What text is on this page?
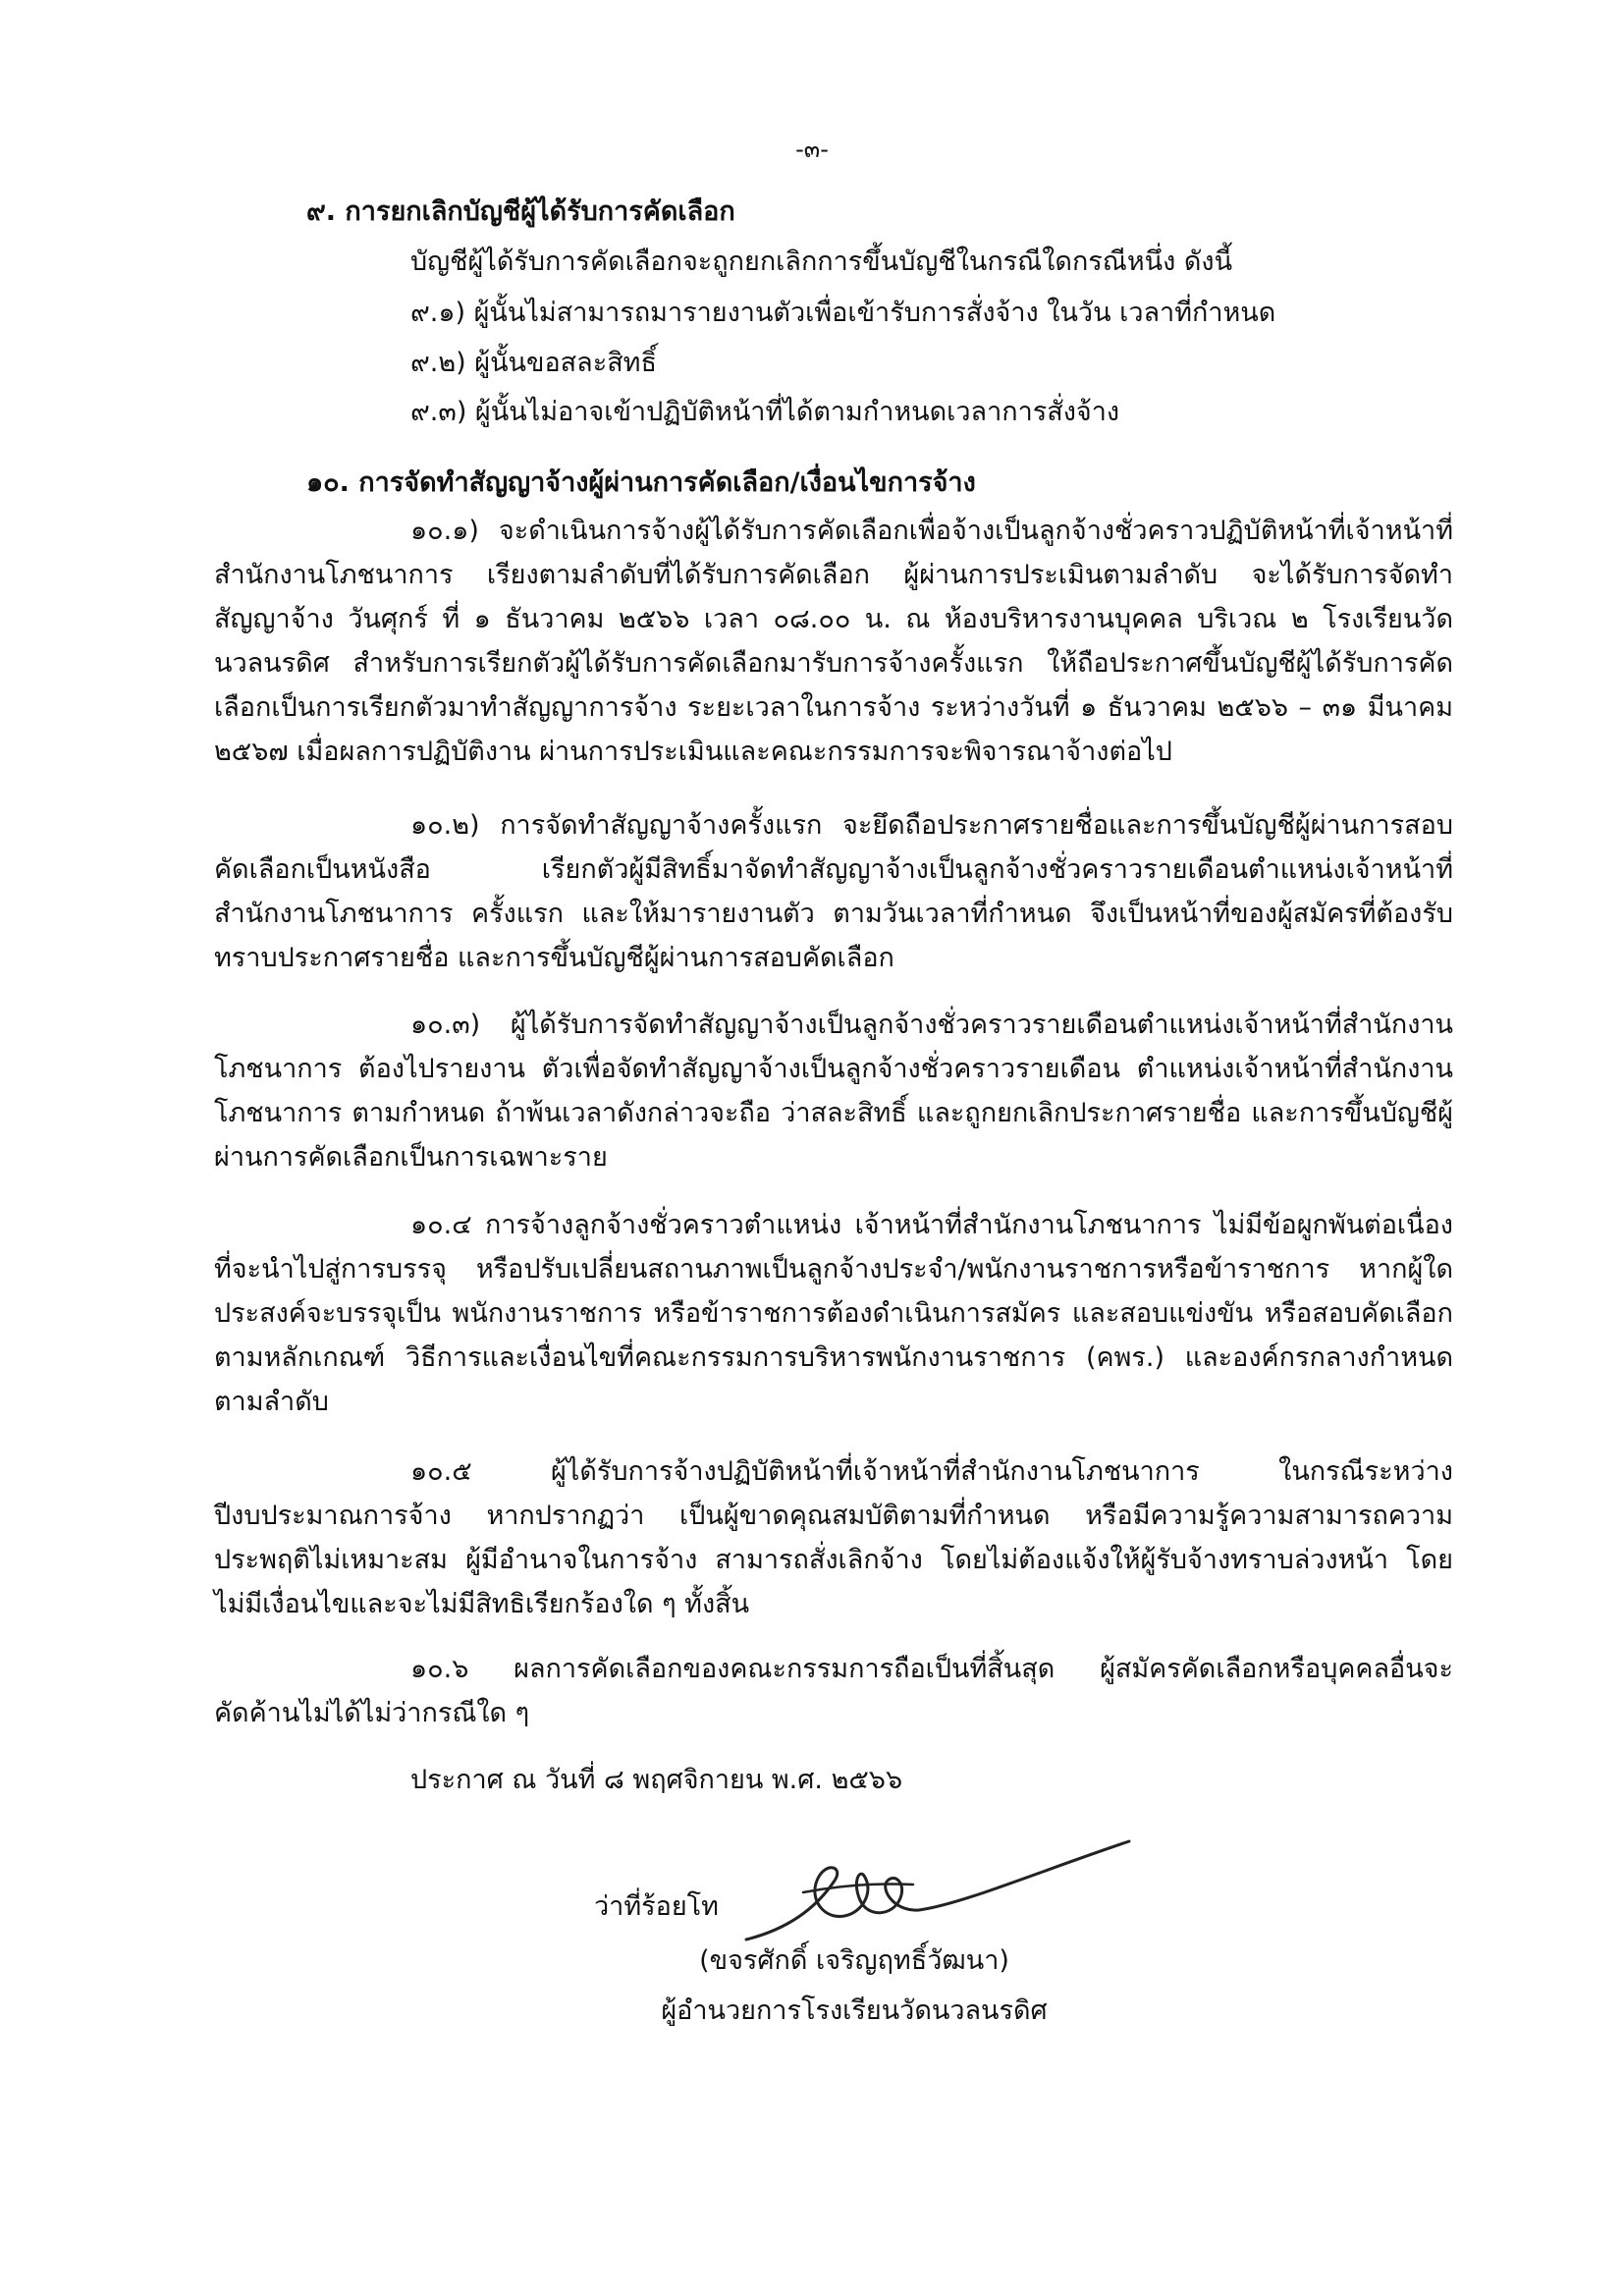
-๓-
๙. การยกเลิกบัญชีผู้ได้รับการคัดเลือก
บัญชีผู้ได้รับการคัดเลือกจะถูกยกเลิกการขึ้นบัญชีในกรณีใดกรณีหนึ่ง ดังนี้
๙.๑) ผู้นั้นไม่สามารถมารายงานตัวเพื่อเข้ารับการสั่งจ้าง ในวัน เวลาที่กำหนด
๙.๒) ผู้นั้นขอสละสิทธิ์
๙.๓) ผู้นั้นไม่อาจเข้าปฏิบัติหน้าที่ได้ตามกำหนดเวลาการสั่งจ้าง
๑๐. การจัดทำสัญญาจ้างผู้ผ่านการคัดเลือก/เงื่อนไขการจ้าง
๑๐.๑) จะดำเนินการจ้างผู้ได้รับการคัดเลือกเพื่อจ้างเป็นลูกจ้างชั่วคราวปฏิบัติหน้าที่เจ้าหน้าที่สำนักงานโภชนาการ เรียงตามลำดับที่ได้รับการคัดเลือก ผู้ผ่านการประเมินตามลำดับ จะได้รับการจัดทำสัญญาจ้าง วันศุกร์ ที่ ๑ ธันวาคม ๒๕๖๖ เวลา ๐๘.๐๐ น. ณ ห้องบริหารงานบุคคล บริเวณ ๒ โรงเรียนวัดนวลนรดิศ สำหรับการเรียกตัวผู้ได้รับการคัดเลือกมารับการจ้างครั้งแรก ให้ถือประกาศขึ้นบัญชีผู้ได้รับการคัดเลือกเป็นการเรียกตัวมาทำสัญญาการจ้าง ระยะเวลาในการจ้าง ระหว่างวันที่ ๑ ธันวาคม ๒๕๖๖ – ๓๑ มีนาคม ๒๕๖๗ เมื่อผลการปฏิบัติงาน ผ่านการประเมินและคณะกรรมการจะพิจารณาจ้างต่อไป
๑๐.๒) การจัดทำสัญญาจ้างครั้งแรก จะยึดถือประกาศรายชื่อและการขึ้นบัญชีผู้ผ่านการสอบคัดเลือกเป็นหนังสือ เรียกตัวผู้มีสิทธิ์มาจัดทำสัญญาจ้างเป็นลูกจ้างชั่วคราวรายเดือนตำแหน่งเจ้าหน้าที่สำนักงานโภชนาการ ครั้งแรก และให้มารายงานตัว ตามวันเวลาที่กำหนด จึงเป็นหน้าที่ของผู้สมัครที่ต้องรับทราบประกาศรายชื่อ และการขึ้นบัญชีผู้ผ่านการสอบคัดเลือก
๑๐.๓) ผู้ได้รับการจัดทำสัญญาจ้างเป็นลูกจ้างชั่วคราวรายเดือนตำแหน่งเจ้าหน้าที่สำนักงานโภชนาการ ต้องไปรายงาน ตัวเพื่อจัดทำสัญญาจ้างเป็นลูกจ้างชั่วคราวรายเดือน ตำแหน่งเจ้าหน้าที่สำนักงานโภชนาการ ตามกำหนด ถ้าพ้นเวลาดังกล่าวจะถือ ว่าสละสิทธิ์ และถูกยกเลิกประกาศรายชื่อ และการขึ้นบัญชีผู้ผ่านการคัดเลือกเป็นการเฉพาะราย
๑๐.๔ การจ้างลูกจ้างชั่วคราวตำแหน่ง เจ้าหน้าที่สำนักงานโภชนาการ ไม่มีข้อผูกพันต่อเนื่องที่จะนำไปสู่การบรรจุ หรือปรับเปลี่ยนสถานภาพเป็นลูกจ้างประจำ/พนักงานราชการหรือข้าราชการ หากผู้ใดประสงค์จะบรรจุเป็น พนักงานราชการ หรือข้าราชการต้องดำเนินการสมัคร และสอบแข่งขัน หรือสอบคัดเลือกตามหลักเกณฑ์ วิธีการและเงื่อนไขที่คณะกรรมการบริหารพนักงานราชการ (คพร.) และองค์กรกลางกำหนด ตามลำดับ
๑๐.๕ ผู้ได้รับการจ้างปฏิบัติหน้าที่เจ้าหน้าที่สำนักงานโภชนาการ ในกรณีระหว่างปีงบประมาณการจ้าง หากปรากฏว่า เป็นผู้ขาดคุณสมบัติตามที่กำหนด หรือมีความรู้ความสามารถความประพฤติไม่เหมาะสม ผู้มีอำนาจในการจ้าง สามารถสั่งเลิกจ้าง โดยไม่ต้องแจ้งให้ผู้รับจ้างทราบล่วงหน้า โดยไม่มีเงื่อนไขและจะไม่มีสิทธิเรียกร้องใด ๆ ทั้งสิ้น
๑๐.๖ ผลการคัดเลือกของคณะกรรมการถือเป็นที่สิ้นสุด ผู้สมัครคัดเลือกหรือบุคคลอื่นจะคัดค้านไม่ได้ไม่ว่ากรณีใด ๆ
ประกาศ ณ วันที่ ๘ พฤศจิกายน พ.ศ. ๒๕๖๖
ว่าที่ร้อยโท
(ขจรศักดิ์ เจริญฤทธิ์วัฒนา)
ผู้อำนวยการโรงเรียนวัดนวลนรดิศ
